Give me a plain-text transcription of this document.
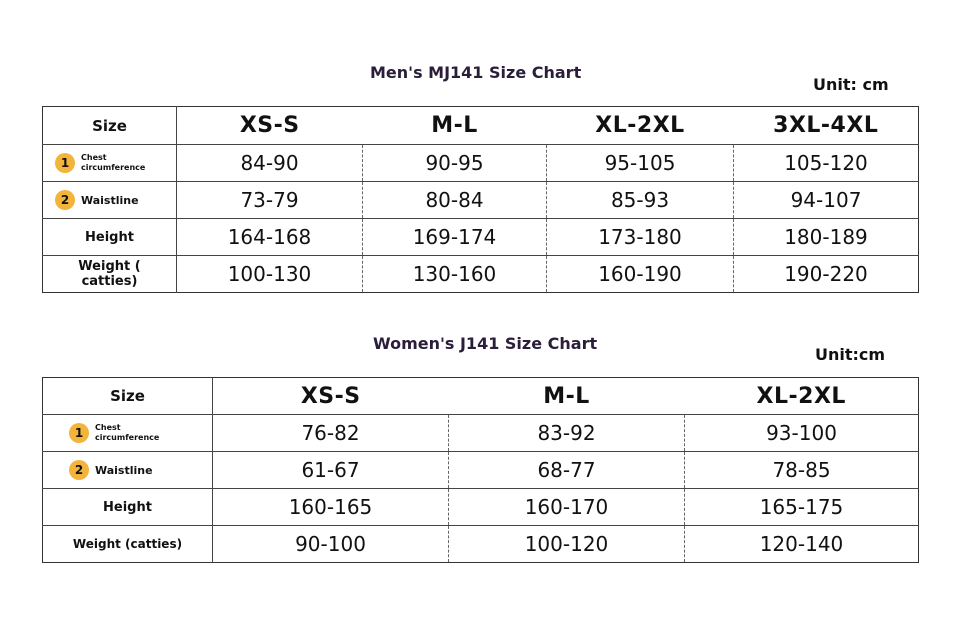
Men's MJ141 Size Chart
Unit: cm
Size	XS-S	M-L	XL-2XL	3XL-4XL

1 Chest circumference	84-90	90-95	95-105	105-120

2 Waistline	73-79	80-84	85-93	94-107
Height	164-168	169-174	173-180	180-189

Weight ( catties)	100-130	130-160	160-190	190-220
Women's J141 Size Chart
Unit:cm
Size	XS-S	M-L	XL-2XL

1 Chest circumference	76-82	83-92	93-100

2 Waistline	61-67	68-77	78-85
Height	160-165	160-170	165-175
Weight (catties)	90-100	100-120	120-140
